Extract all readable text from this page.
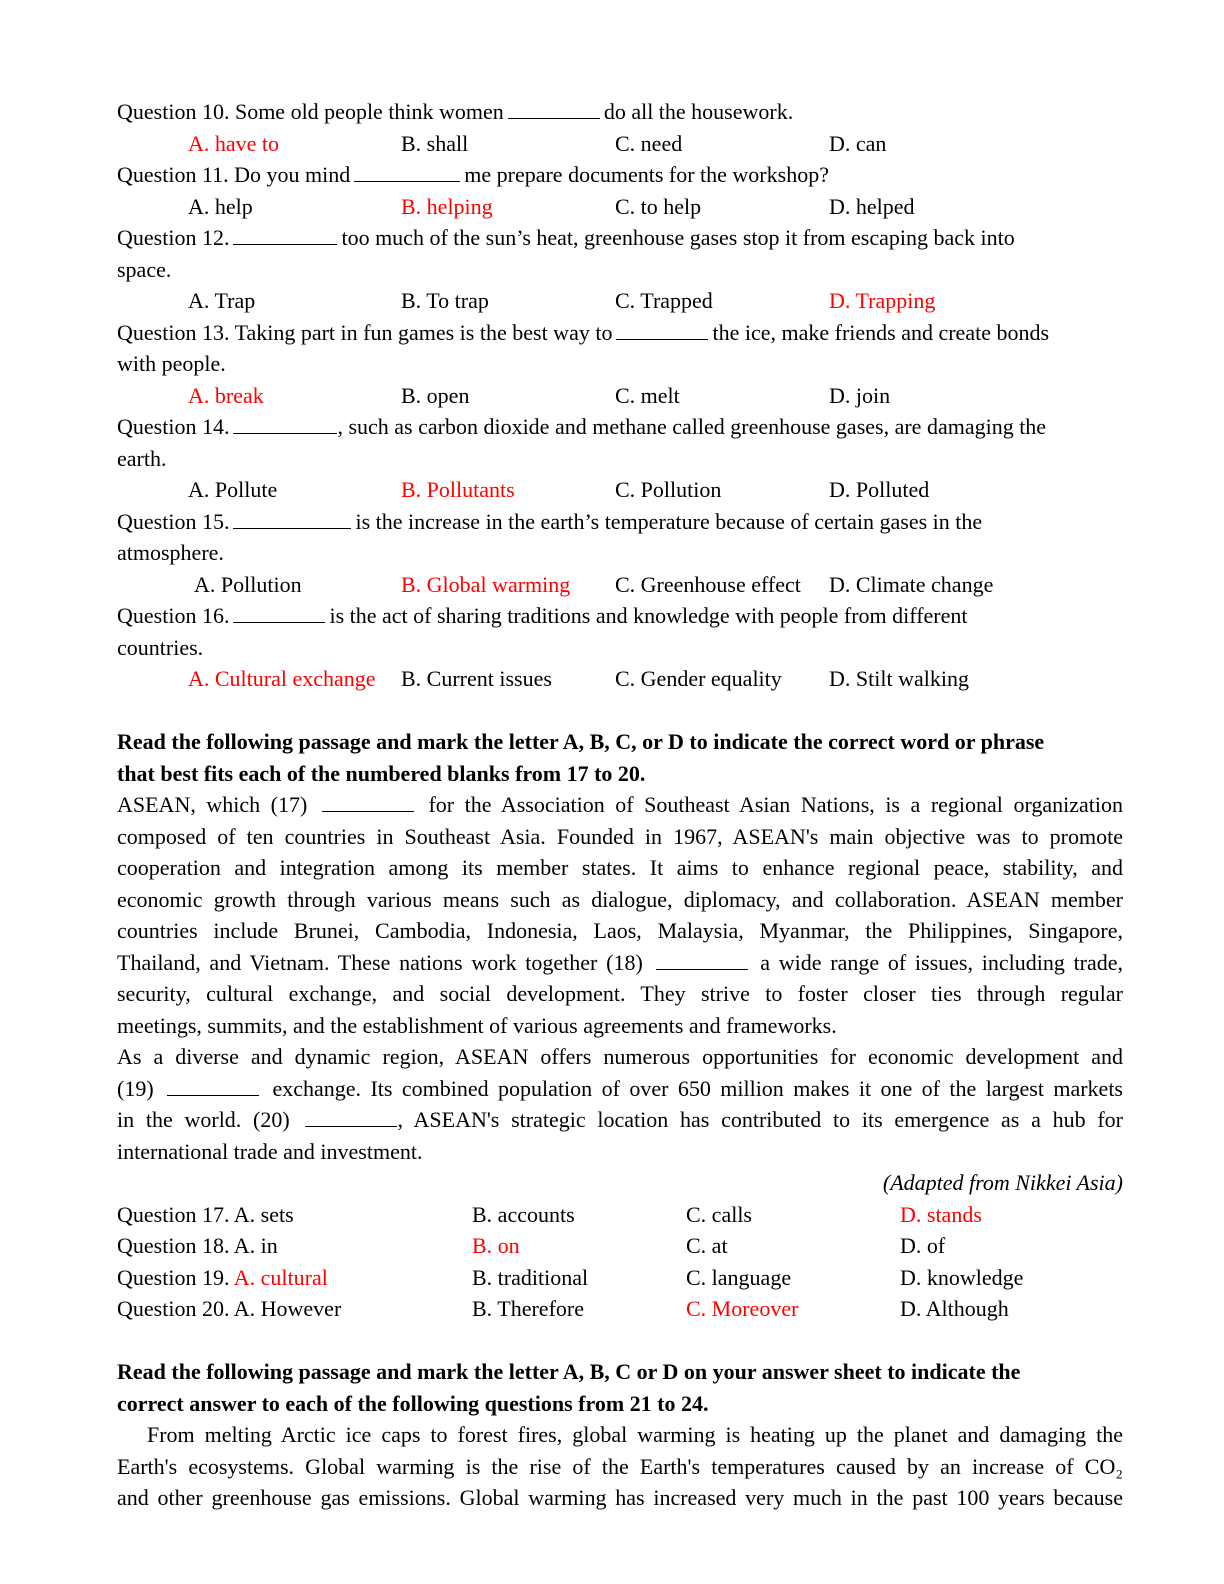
Question 10. Some old people think women	do all the housework.
A. have to	B. shall	C. need	D. can
Question 11. Do you mind	me prepare documents for the workshop?
A. help	B. helping	C. to help	D. helped
Question 12.	too much of the sun’s heat, greenhouse gases stop it from escaping back into
space.
A. Trap	B. To trap	C. Trapped	D. Trapping
Question 13. Taking part in fun games is the best way to	the ice, make friends and create bonds
with people.
A. break	B. open	C. melt	D. join
Question 14.	, such as carbon dioxide and methane called greenhouse gases, are damaging the
earth.
A. Pollute	B. Pollutants	C. Pollution	D. Polluted
Question 15.	is the increase in the earth’s temperature because of certain gases in the
atmosphere.
A. Pollution	B. Global warming C. Greenhouse effect D. Climate change
Question 16.	is the act of sharing traditions and knowledge with people from different
countries.
A. Cultural exchange B. Current issues	C. Gender equality D. Stilt walking
Read the following passage and mark the letter A, B, C, or D to indicate the correct word or phrase
that best fits each of the numbered blanks from 17 to 20.
ASEAN, which (17)	for the Association of Southeast Asian Nations, is a regional organization
composed of ten countries in Southeast Asia. Founded in 1967, ASEAN's main objective was to promote
cooperation and integration among its member states. It aims to enhance regional peace, stability, and
economic growth through various means such as dialogue, diplomacy, and collaboration. ASEAN member
countries include Brunei, Cambodia, Indonesia, Laos, Malaysia, Myanmar, the Philippines, Singapore,
Thailand, and Vietnam. These nations work together (18)	a wide range of issues, including trade,
security, cultural exchange, and social development. They strive to foster closer ties through regular
meetings, summits, and the establishment of various agreements and frameworks.
As a diverse and dynamic region, ASEAN offers numerous opportunities for economic development and
(19)	exchange. Its combined population of over 650 million makes it one of the largest markets
in the world. (20)	, ASEAN's strategic location has contributed to its emergence as a hub for
international trade and investment.
(Adapted from Nikkei Asia)
Question 17. A. sets	B. accounts	C. calls	D. stands
Question 18. A. in	B. on	C. at	D. of
Question 19. A. cultural	B. traditional	C. language	D. knowledge
Question 20. A. However	B. Therefore	C. Moreover	D. Although
Read the following passage and mark the letter A, B, C or D on your answer sheet to indicate the
correct answer to each of the following questions from 21 to 24.
From melting Arctic ice caps to forest fires, global warming is heating up the planet and damaging the
Earth's ecosystems. Global warming is the rise of the Earth's temperatures caused by an increase of CO₂
and other greenhouse gas emissions. Global warming has increased very much in the past 100 years because
